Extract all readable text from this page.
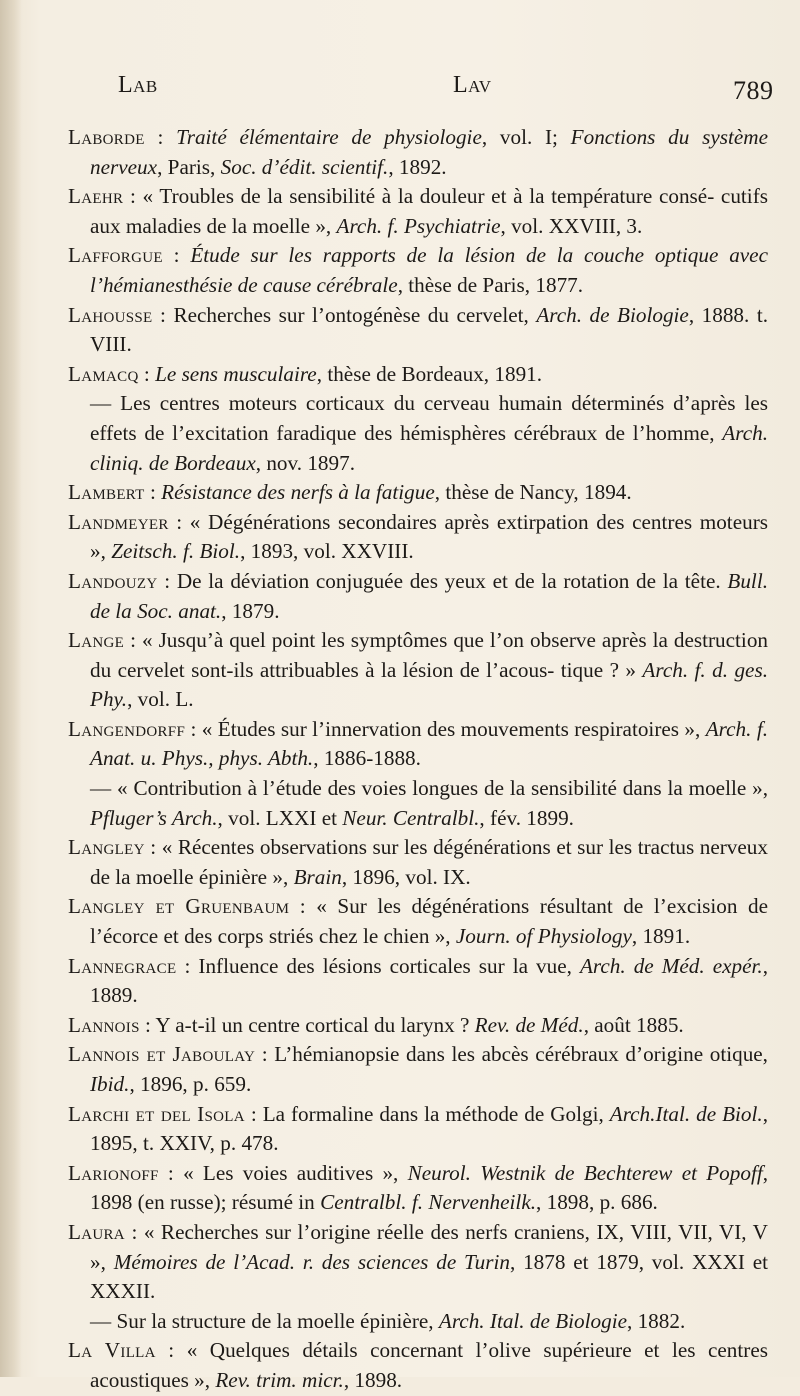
Lab	Lav	789
Laborde : Traité élémentaire de physiologie, vol. I; Fonctions du système nerveux, Paris, Soc. d’édit. scientif., 1892.
Laehr : « Troubles de la sensibilité à la douleur et à la température consé- cutifs aux maladies de la moelle », Arch. f. Psychiatrie, vol. XXVIII, 3.
Lafforgue : Étude sur les rapports de la lésion de la couche optique avec l’hémianesthésie de cause cérébrale, thèse de Paris, 1877.
Lahousse : Recherches sur l’ontogénèse du cervelet, Arch. de Biologie, 1888. t. VIII.
Lamacq : Le sens musculaire, thèse de Bordeaux, 1891.
— Les centres moteurs corticaux du cerveau humain déterminés d’après les effets de l’excitation faradique des hémisphères cérébraux de l’homme, Arch. cliniq. de Bordeaux, nov. 1897.
Lambert : Résistance des nerfs à la fatigue, thèse de Nancy, 1894.
Landmeyer : « Dégénérations secondaires après extirpation des centres moteurs », Zeitsch. f. Biol., 1893, vol. XXVIII.
Landouzy : De la déviation conjuguée des yeux et de la rotation de la tête. Bull. de la Soc. anat., 1879.
Lange : « Jusqu’à quel point les symptômes que l’on observe après la destruction du cervelet sont-ils attribuables à la lésion de l’acous- tique ? » Arch. f. d. ges. Phy., vol. L.
Langendorff : « Études sur l’innervation des mouvements respiratoires », Arch. f. Anat. u. Phys., phys. Abth., 1886-1888.
— « Contribution à l’étude des voies longues de la sensibilité dans la moelle », Pfluger’s Arch., vol. LXXI et Neur. Centralbl., fév. 1899.
Langley : « Récentes observations sur les dégénérations et sur les tractus nerveux de la moelle épinière », Brain, 1896, vol. IX.
Langley et Gruenbaum : « Sur les dégénérations résultant de l’excision de l’écorce et des corps striés chez le chien », Journ. of Physiology, 1891.
Lannegrace : Influence des lésions corticales sur la vue, Arch. de Méd. expér., 1889.
Lannois : Y a-t-il un centre cortical du larynx ? Rev. de Méd., août 1885.
Lannois et Jaboulay : L’hémianopsie dans les abcès cérébraux d’origine otique, Ibid., 1896, p. 659.
Larchi et del Isola : La formaline dans la méthode de Golgi, Arch.Ital. de Biol., 1895, t. XXIV, p. 478.
Larionoff : « Les voies auditives », Neurol. Westnik de Bechterew et Popoff, 1898 (en russe); résumé in Centralbl. f. Nervenheilk., 1898, p. 686.
Laura : « Recherches sur l’origine réelle des nerfs craniens, IX, VIII, VII, VI, V », Mémoires de l’Acad. r. des sciences de Turin, 1878 et 1879, vol. XXXI et XXXII.
— Sur la structure de la moelle épinière, Arch. Ital. de Biologie, 1882.
La Villa : « Quelques détails concernant l’olive supérieure et les centres acoustiques », Rev. trim. micr., 1898.
